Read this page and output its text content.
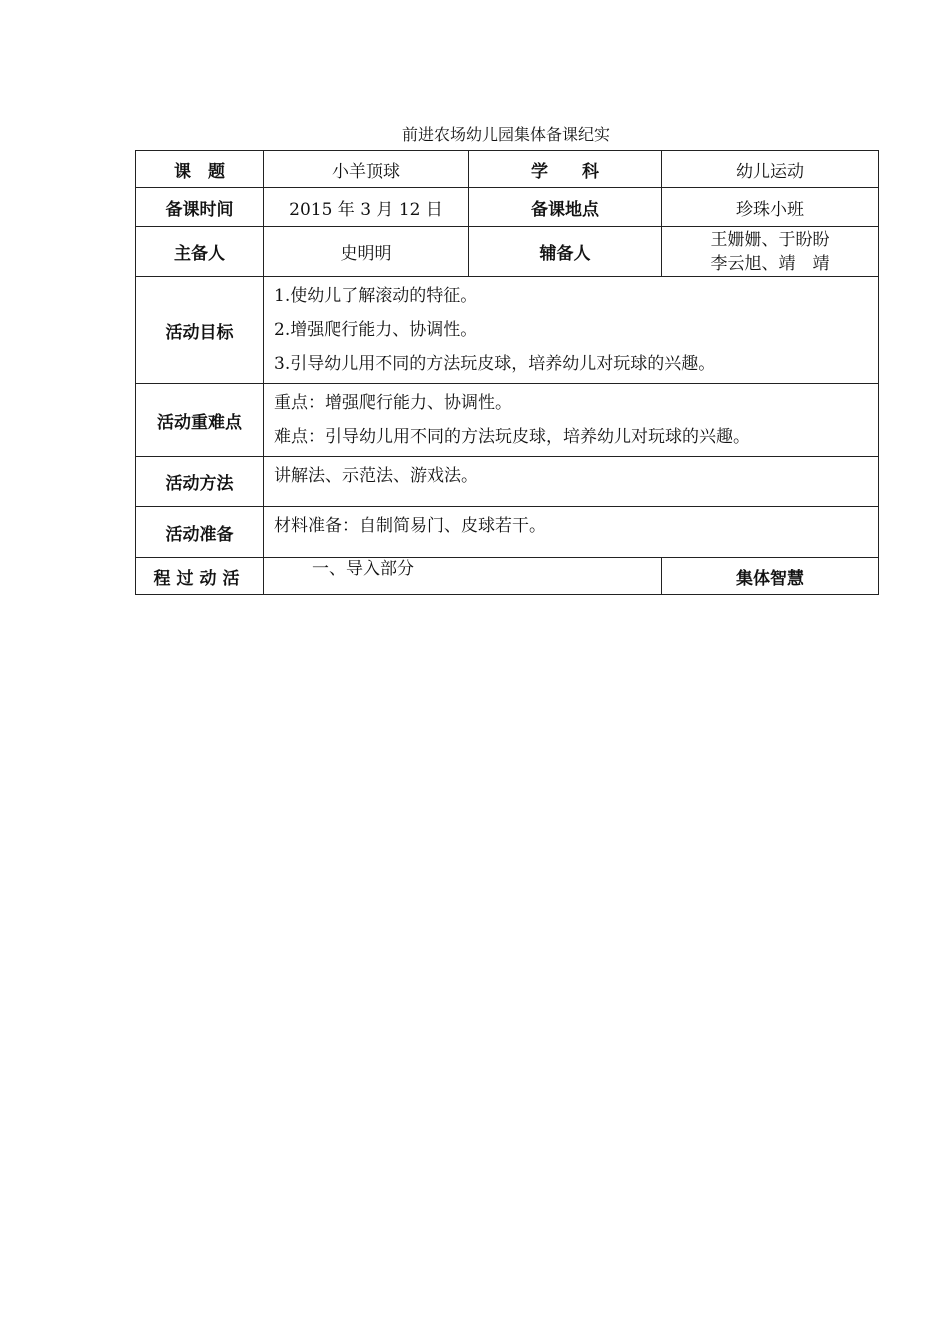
前进农场幼儿园集体备课纪实
课　题	小羊顶球	学　　科	幼儿运动
备课时间	2015 年 3 月 12 日	备课地点	珍珠小班
主备人	史明明	辅备人	王姗姗、于盼盼
李云旭、靖　靖

活动目标	1.使幼儿了解滚动的特征。
2.增强爬行能力、协调性。
3.引导幼儿用不同的方法玩皮球，培养幼儿对玩球的兴趣。		

活动重难点	重点：增强爬行能力、协调性。
难点：引导幼儿用不同的方法玩皮球，培养幼儿对玩球的兴趣。		

活动方法	讲解法、示范法、游戏法。		

活动准备	材料准备：自制简易门、皮球若干。		

程过动活	一、导入部分		集体智慧
